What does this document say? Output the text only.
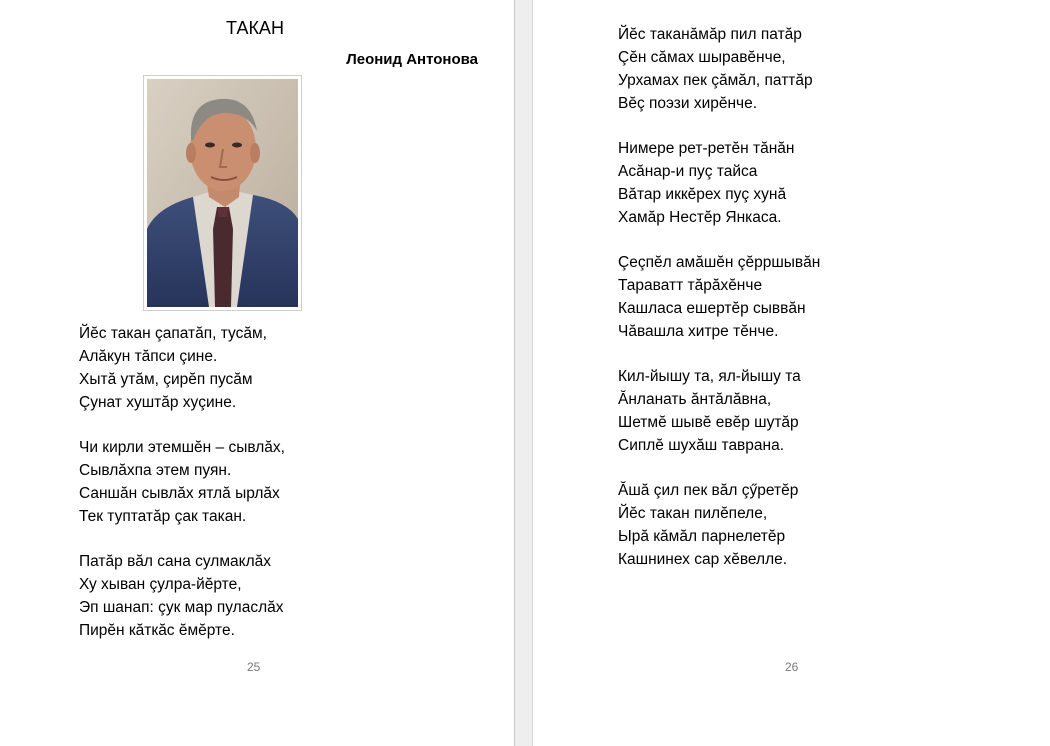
ТАКАН
Леонид Антонова
Йĕс такан çапатăп, тусăм,
Алăкун тăпси çине.
Хытă утăм, çирĕп пусăм
Çунат хуштăр хуçине.
Чи кирли этемшĕн – сывлăх,
Сывлăхпа этем пуян.
Саншăн сывлăх ятлă ырлăх
Тек туптатăр çак такан.
Патăр вăл сана сулмаклăх
Ху хыван çулра-йĕрте,
Эп шанап: çук мар пуласлăх
Пирĕн кăткăс ĕмĕрте.
25
Йĕс таканăмăр пил патăр
Çĕн сăмах шыравĕнче,
Урхамах пек çăмăл, паттăр
Вĕç поэзи хирĕнче.
Нимере рет-ретĕн тăнăн
Асăнар-и пуç тайса
Вăтар иккĕрех пуç хунă
Хамăр Нестĕр Янкаса.
Çеçпĕл амăшĕн çĕрршывăн
Тараватт тăрăхĕнче
Кашласа ешертĕр сыввăн
Чăвашла хитре тĕнче.
Кил-йышу та, ял-йышу та
Ăнланать ăнтăлăвна,
Шетмĕ шывĕ евĕр шутăр
Сиплĕ шухăш таврана.
Ăшă çил пек вăл çӳретĕр
Йĕс такан пилĕпеле,
Ырă кăмăл парнелетĕр
Кашнинех сар хĕвелле.
26
